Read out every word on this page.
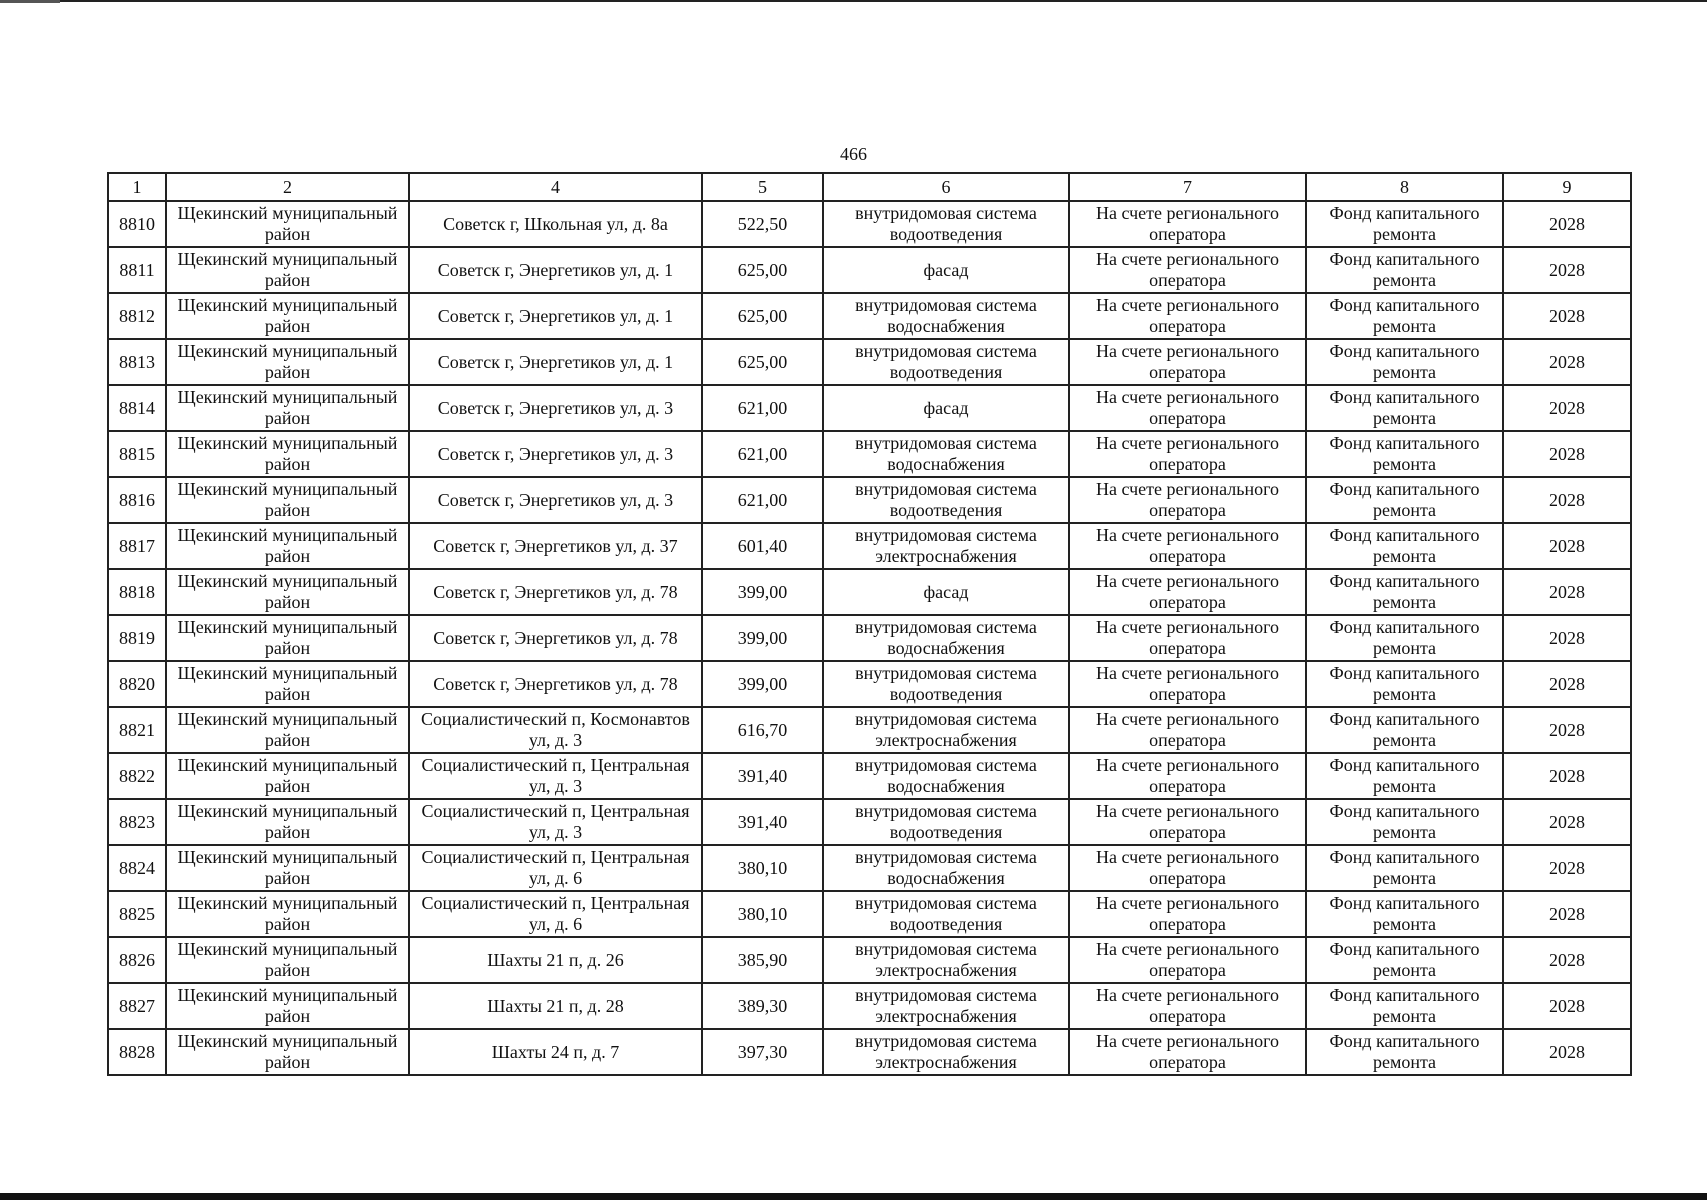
466
1	2	4	5	6	7	8	9
8810	Щекинский муниципальный район	Советск г, Школьная ул, д. 8а	522,50	внутридомовая система водоотведения	На счете регионального оператора	Фонд капитального ремонта	2028
8811	Щекинский муниципальный район	Советск г, Энергетиков ул, д. 1	625,00	фасад	На счете регионального оператора	Фонд капитального ремонта	2028
8812	Щекинский муниципальный район	Советск г, Энергетиков ул, д. 1	625,00	внутридомовая система водоснабжения	На счете регионального оператора	Фонд капитального ремонта	2028
8813	Щекинский муниципальный район	Советск г, Энергетиков ул, д. 1	625,00	внутридомовая система водоотведения	На счете регионального оператора	Фонд капитального ремонта	2028
8814	Щекинский муниципальный район	Советск г, Энергетиков ул, д. 3	621,00	фасад	На счете регионального оператора	Фонд капитального ремонта	2028
8815	Щекинский муниципальный район	Советск г, Энергетиков ул, д. 3	621,00	внутридомовая система водоснабжения	На счете регионального оператора	Фонд капитального ремонта	2028
8816	Щекинский муниципальный район	Советск г, Энергетиков ул, д. 3	621,00	внутридомовая система водоотведения	На счете регионального оператора	Фонд капитального ремонта	2028
8817	Щекинский муниципальный район	Советск г, Энергетиков ул, д. 37	601,40	внутридомовая система электроснабжения	На счете регионального оператора	Фонд капитального ремонта	2028
8818	Щекинский муниципальный район	Советск г, Энергетиков ул, д. 78	399,00	фасад	На счете регионального оператора	Фонд капитального ремонта	2028
8819	Щекинский муниципальный район	Советск г, Энергетиков ул, д. 78	399,00	внутридомовая система водоснабжения	На счете регионального оператора	Фонд капитального ремонта	2028
8820	Щекинский муниципальный район	Советск г, Энергетиков ул, д. 78	399,00	внутридомовая система водоотведения	На счете регионального оператора	Фонд капитального ремонта	2028
8821	Щекинский муниципальный район	Социалистический п, Космонавтов ул, д. 3	616,70	внутридомовая система электроснабжения	На счете регионального оператора	Фонд капитального ремонта	2028
8822	Щекинский муниципальный район	Социалистический п, Центральная ул, д. 3	391,40	внутридомовая система водоснабжения	На счете регионального оператора	Фонд капитального ремонта	2028
8823	Щекинский муниципальный район	Социалистический п, Центральная ул, д. 3	391,40	внутридомовая система водоотведения	На счете регионального оператора	Фонд капитального ремонта	2028
8824	Щекинский муниципальный район	Социалистический п, Центральная ул, д. 6	380,10	внутридомовая система водоснабжения	На счете регионального оператора	Фонд капитального ремонта	2028
8825	Щекинский муниципальный район	Социалистический п, Центральная ул, д. 6	380,10	внутридомовая система водоотведения	На счете регионального оператора	Фонд капитального ремонта	2028
8826	Щекинский муниципальный район	Шахты 21 п, д. 26	385,90	внутридомовая система электроснабжения	На счете регионального оператора	Фонд капитального ремонта	2028
8827	Щекинский муниципальный район	Шахты 21 п, д. 28	389,30	внутридомовая система электроснабжения	На счете регионального оператора	Фонд капитального ремонта	2028
8828	Щекинский муниципальный район	Шахты 24 п, д. 7	397,30	внутридомовая система электроснабжения	На счете регионального оператора	Фонд капитального ремонта	2028
